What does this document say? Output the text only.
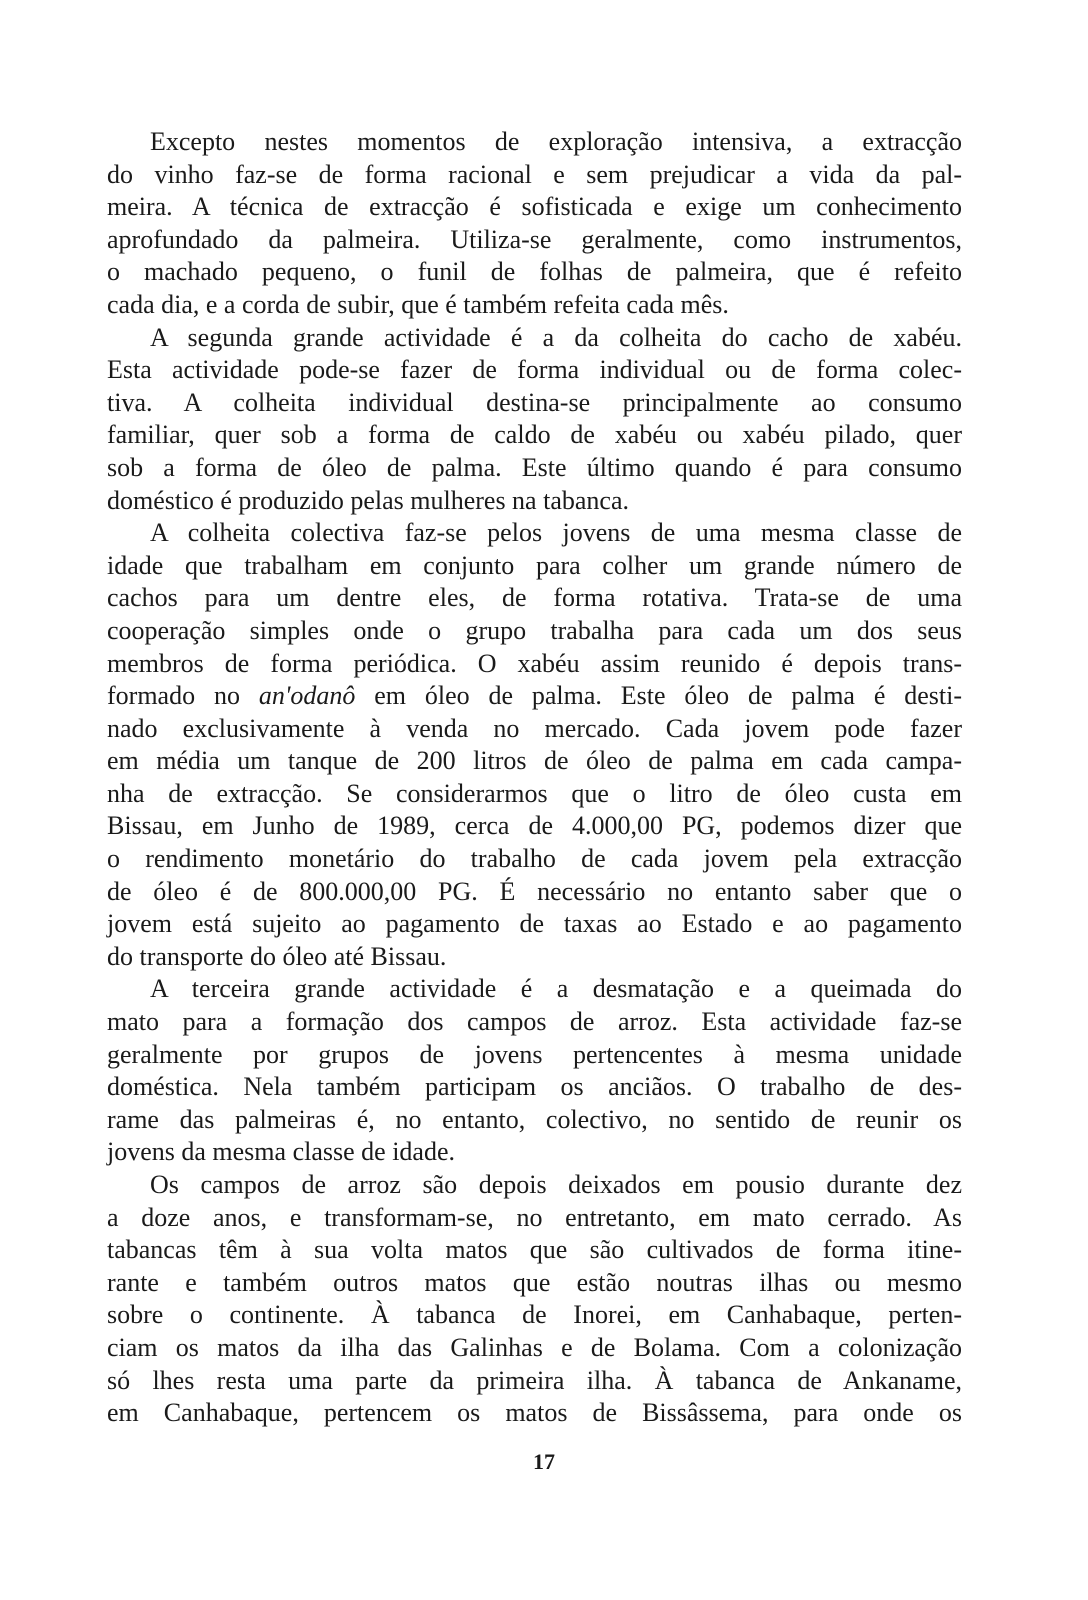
Excepto nestes momentos de exploração intensiva, a extracção
do vinho faz-se de forma racional e sem prejudicar a vida da pal-
meira. A técnica de extracção é sofisticada e exige um conhecimento
aprofundado da palmeira. Utiliza-se geralmente, como instrumentos,
o machado pequeno, o funil de folhas de palmeira, que é refeito
cada dia, e a corda de subir, que é também refeita cada mês.
A segunda grande actividade é a da colheita do cacho de xabéu.
Esta actividade pode-se fazer de forma individual ou de forma colec-
tiva. A colheita individual destina-se principalmente ao consumo
familiar, quer sob a forma de caldo de xabéu ou xabéu pilado, quer
sob a forma de óleo de palma. Este último quando é para consumo
doméstico é produzido pelas mulheres na tabanca.
A colheita colectiva faz-se pelos jovens de uma mesma classe de
idade que trabalham em conjunto para colher um grande número de
cachos para um dentre eles, de forma rotativa. Trata-se de uma
cooperação simples onde o grupo trabalha para cada um dos seus
membros de forma periódica. O xabéu assim reunido é depois trans-
formado no an'odanô em óleo de palma. Este óleo de palma é desti-
nado exclusivamente à venda no mercado. Cada jovem pode fazer
em média um tanque de 200 litros de óleo de palma em cada campa-
nha de extracção. Se considerarmos que o litro de óleo custa em
Bissau, em Junho de 1989, cerca de 4.000,00 PG, podemos dizer que
o rendimento monetário do trabalho de cada jovem pela extracção
de óleo é de 800.000,00 PG. É necessário no entanto saber que o
jovem está sujeito ao pagamento de taxas ao Estado e ao pagamento
do transporte do óleo até Bissau.
A terceira grande actividade é a desmatação e a queimada do
mato para a formação dos campos de arroz. Esta actividade faz-se
geralmente por grupos de jovens pertencentes à mesma unidade
doméstica. Nela também participam os anciãos. O trabalho de des-
rame das palmeiras é, no entanto, colectivo, no sentido de reunir os
jovens da mesma classe de idade.
Os campos de arroz são depois deixados em pousio durante dez
a doze anos, e transformam-se, no entretanto, em mato cerrado. As
tabancas têm à sua volta matos que são cultivados de forma itine-
rante e também outros matos que estão noutras ilhas ou mesmo
sobre o continente. À tabanca de Inorei, em Canhabaque, perten-
ciam os matos da ilha das Galinhas e de Bolama. Com a colonização
só lhes resta uma parte da primeira ilha. À tabanca de Ankaname,
em Canhabaque, pertencem os matos de Bissâssema, para onde os
17
